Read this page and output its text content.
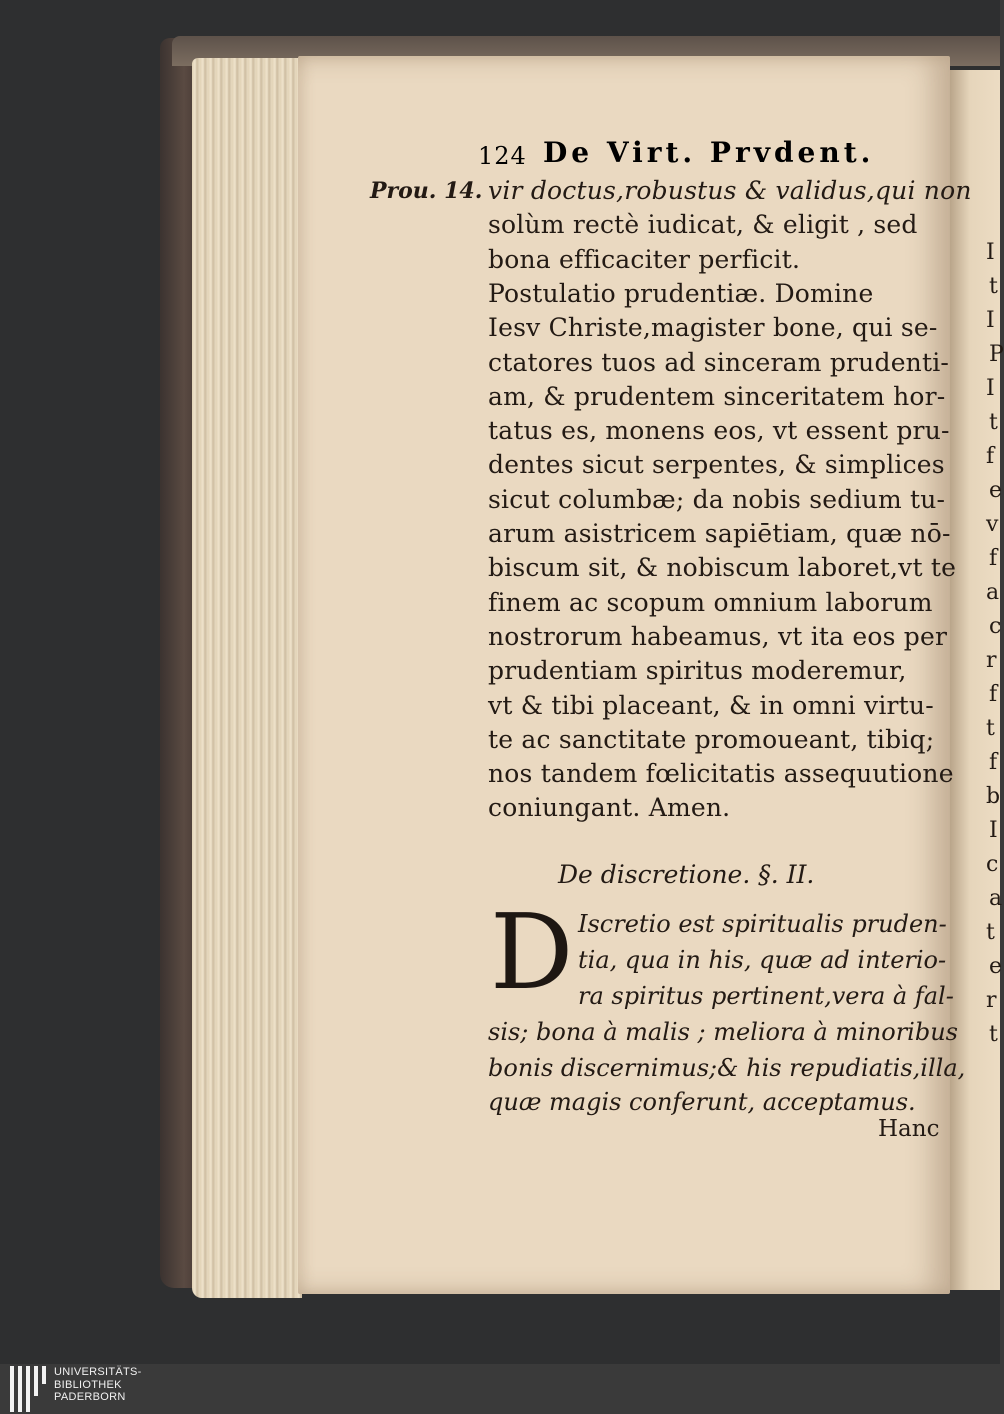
124 De Virt. Prvdent.
Prou. 14. vir doctus,robustus & validus,qui non
solùm rectè iudicat, & eligit , sed
bona efficaciter perficit.
Postulatio prudentiæ. Domine
Iesv Christe,magister bone, qui se-
ctatores tuos ad sinceram prudenti-
am, & prudentem sinceritatem hor-
tatus es, monens eos, vt essent pru-
dentes sicut serpentes, & simplices
sicut columbæ; da nobis sedium tu-
arum asistricem sapiētiam, quæ nō-
biscum sit, & nobiscum laboret,vt te
finem ac scopum omnium laborum
nostrorum habeamus, vt ita eos per
prudentiam spiritus moderemur,
vt & tibi placeant, & in omni virtu-
te ac sanctitate promoueant, tibiq;
nos tandem fœlicitatis assequutione
coniungant. Amen.
De discretione. §. II.
D Iscretio est spiritualis pruden-
tia, qua in his, quæ ad interio-
ra spiritus pertinent,vera à fal-
sis; bona à malis ; meliora à minoribus
bonis discernimus;& his repudiatis,illa,
quæ magis conferunt, acceptamus.
Hanc
I
t
I
P
I
t
f
e
v
f
a
c
r
f
t
f
b
I
c
a
t
e
r
t
UNIVERSITÄTS-
BIBLIOTHEK
PADERBORN
